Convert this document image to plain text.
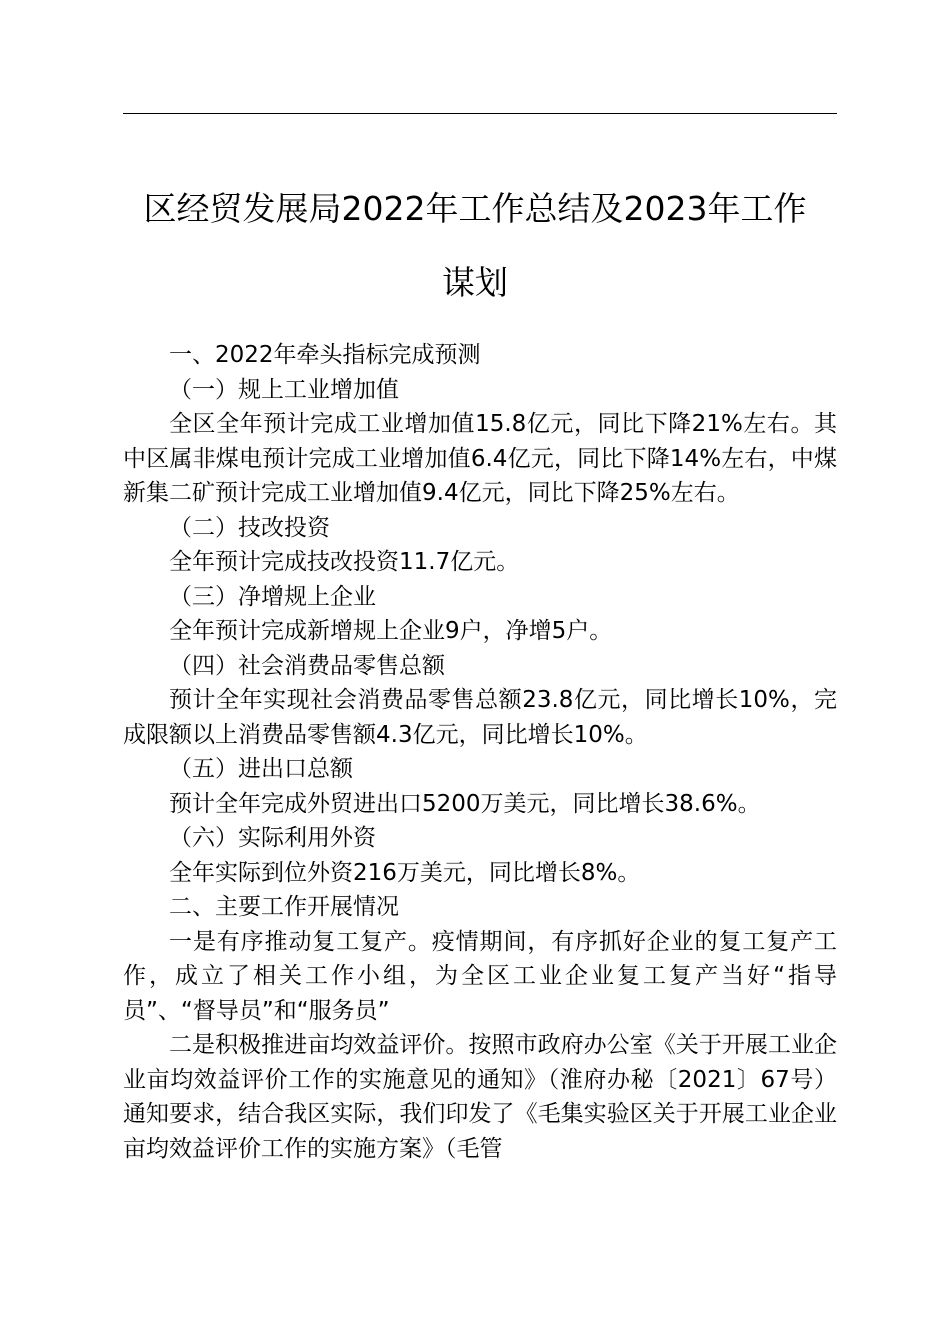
区经贸发展局2022年工作总结及2023年工作
谋划

一、2022年牵头指标完成预测

（一）规上工业增加值

全区全年预计完成工业增加值15.8亿元，同比下降21%左右。其中区属非煤电预计完成工业增加值6.4亿元，同比下降14%左右，中煤新集二矿预计完成工业增加值9.4亿元，同比下降25%左右。

（二）技改投资

全年预计完成技改投资11.7亿元。

（三）净增规上企业

全年预计完成新增规上企业9户，净增5户。

（四）社会消费品零售总额

预计全年实现社会消费品零售总额23.8亿元，同比增长10%，完成限额以上消费品零售额4.3亿元，同比增长10%。

（五）进出口总额

预计全年完成外贸进出口5200万美元，同比增长38.6%。

（六）实际利用外资

全年实际到位外资216万美元，同比增长8%。

二、主要工作开展情况

一是有序推动复工复产。疫情期间，有序抓好企业的复工复产工作，成立了相关工作小组，为全区工业企业复工复产当好“指导员”、“督导员”和“服务员”

二是积极推进亩均效益评价。按照市政府办公室《关于开展工业企业亩均效益评价工作的实施意见的通知》（淮府办秘〔2021〕67号）通知要求，结合我区实际，我们印发了《毛集实验区关于开展工业企业亩均效益评价工作的实施方案》（毛管
